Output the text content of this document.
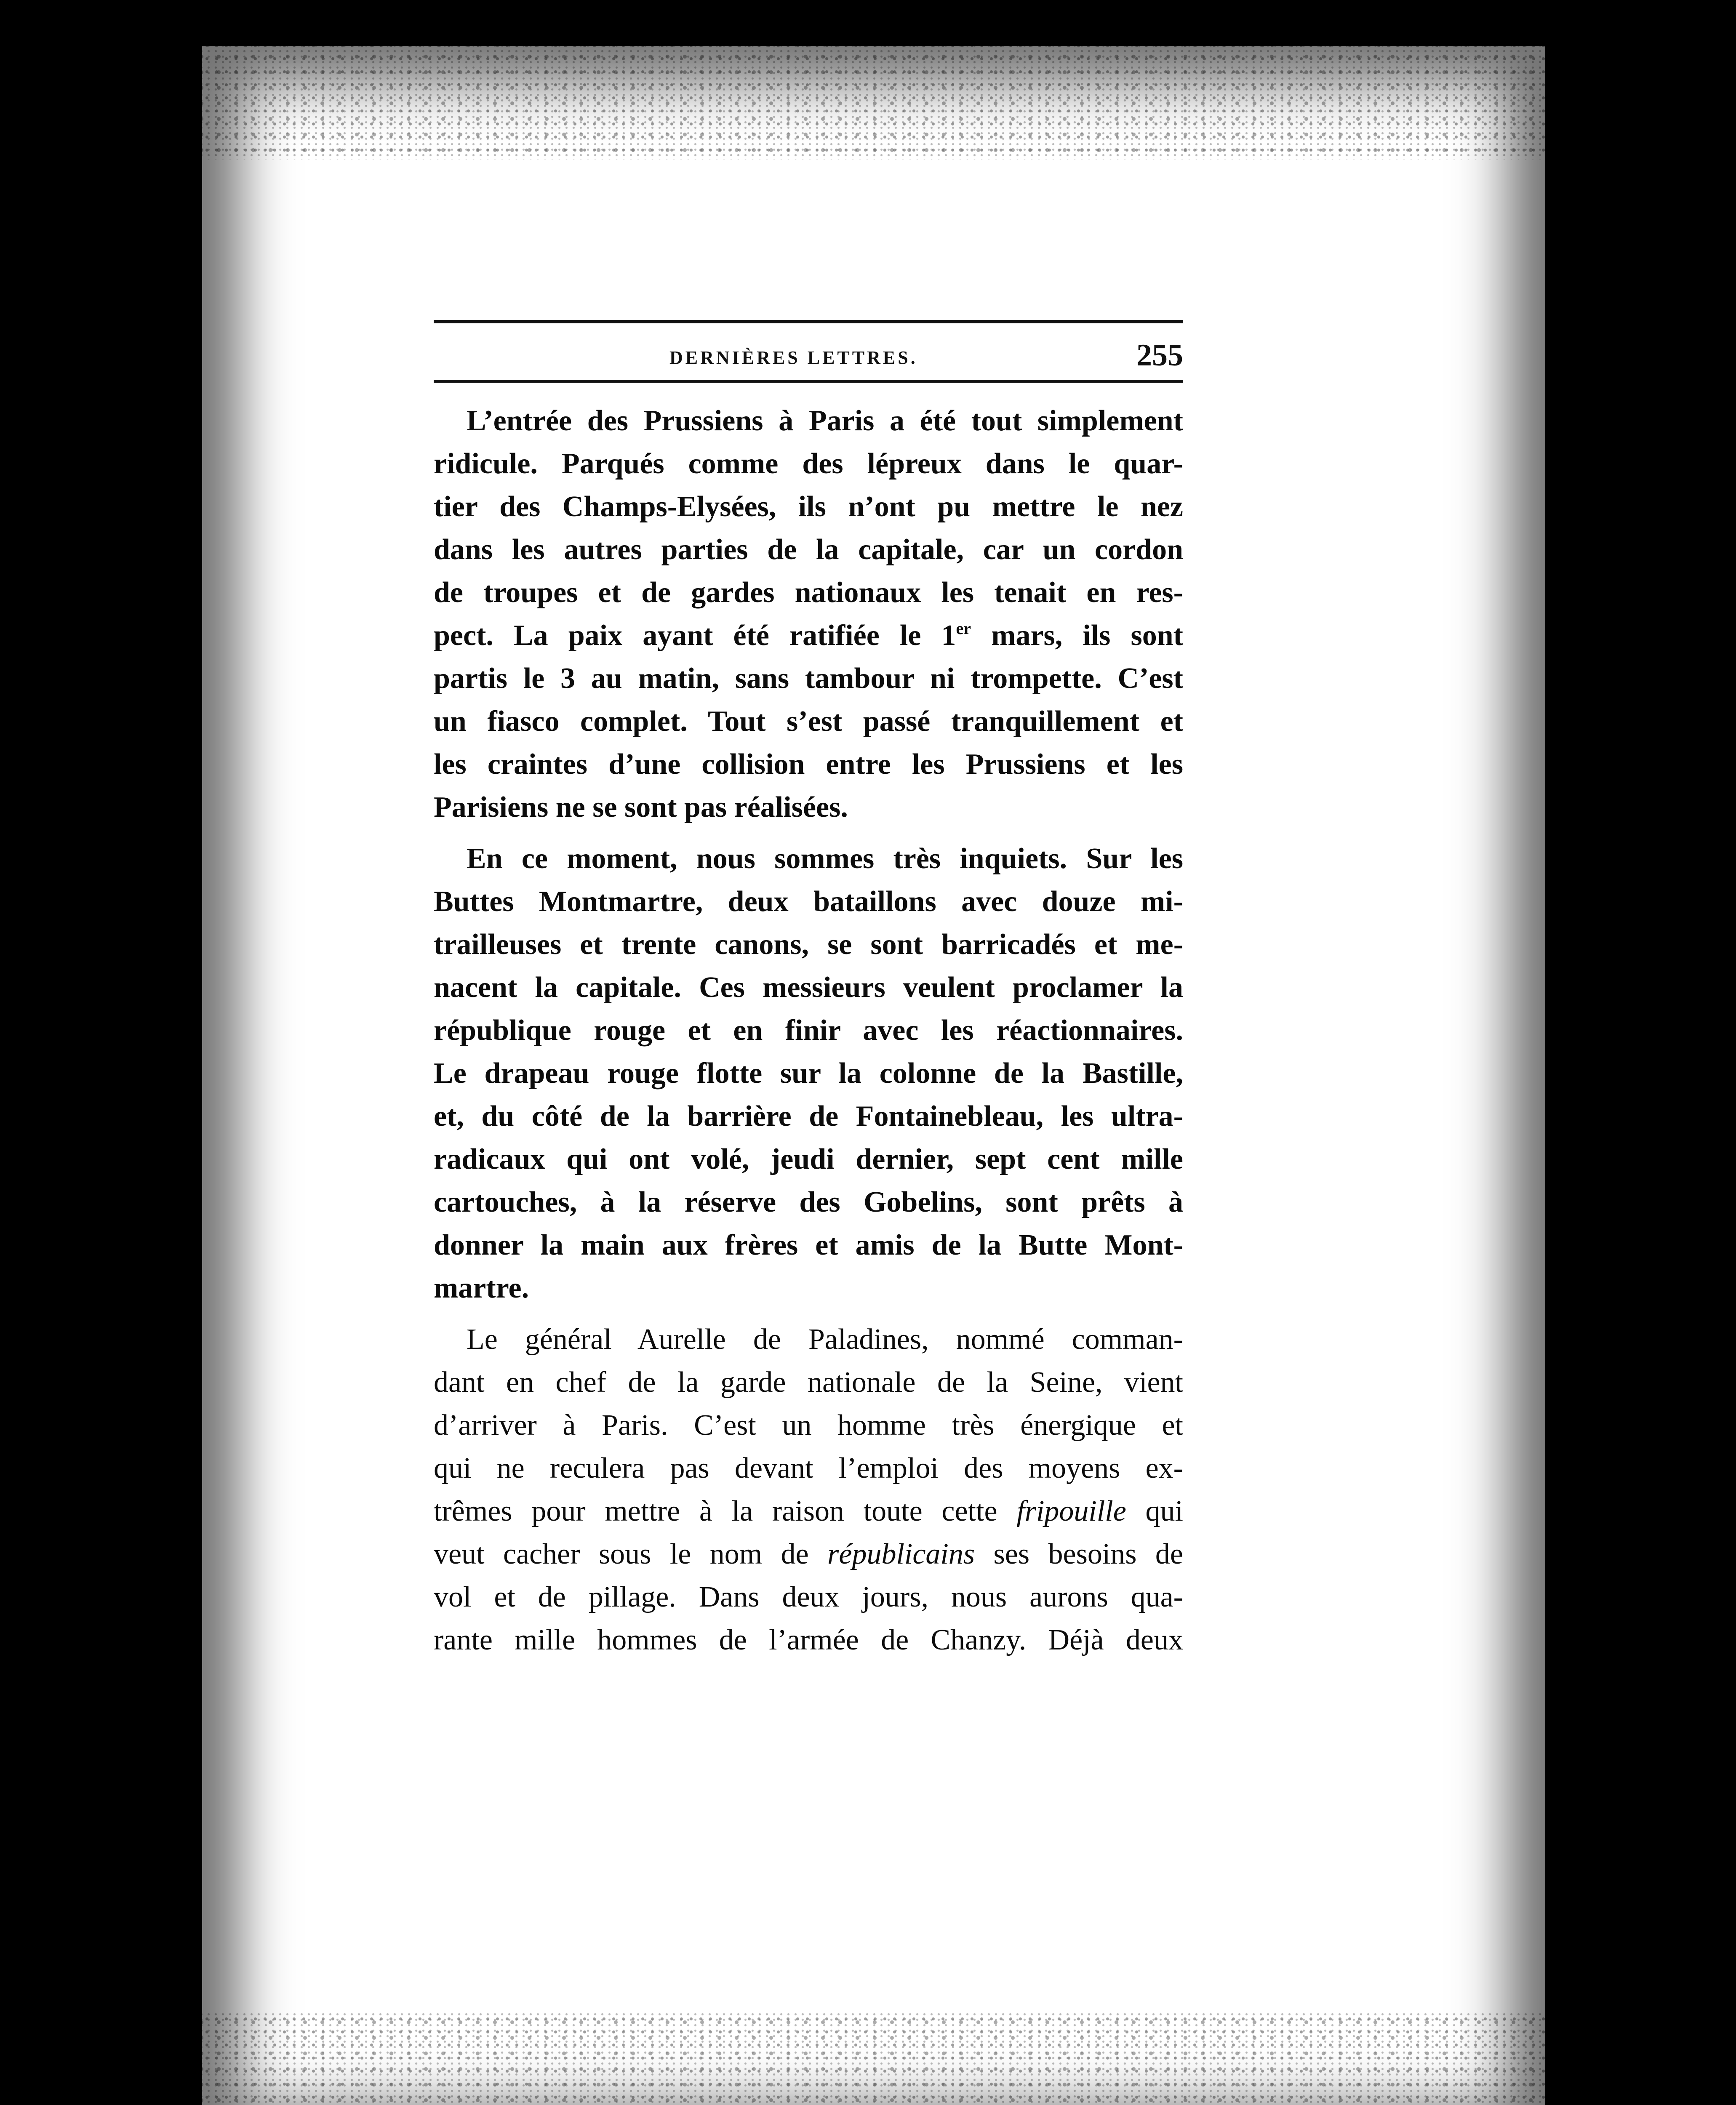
DERNIÈRES LETTRES.	255

L’entrée des Prussiens à Paris a été tout simplement
ridicule. Parqués comme des lépreux dans le quar-
tier des Champs-Elysées, ils n’ont pu mettre le nez
dans les autres parties de la capitale, car un cordon
de troupes et de gardes nationaux les tenait en res-
pect. La paix ayant été ratifiée le 1er mars, ils sont
partis le 3 au matin, sans tambour ni trompette. C’est
un fiasco complet. Tout s’est passé tranquillement et
les craintes d’une collision entre les Prussiens et les
Parisiens ne se sont pas réalisées.

En ce moment, nous sommes très inquiets. Sur les
Buttes Montmartre, deux bataillons avec douze mi-
trailleuses et trente canons, se sont barricadés et me-
nacent la capitale. Ces messieurs veulent proclamer la
république rouge et en finir avec les réactionnaires.
Le drapeau rouge flotte sur la colonne de la Bastille,
et, du côté de la barrière de Fontainebleau, les ultra-
radicaux qui ont volé, jeudi dernier, sept cent mille
cartouches, à la réserve des Gobelins, sont prêts à
donner la main aux frères et amis de la Butte Mont-
martre.

Le général Aurelle de Paladines, nommé comman-
dant en chef de la garde nationale de la Seine, vient
d’arriver à Paris. C’est un homme très énergique et
qui ne reculera pas devant l’emploi des moyens ex-
trêmes pour mettre à la raison toute cette fripouille qui
veut cacher sous le nom de républicains ses besoins de
vol et de pillage. Dans deux jours, nous aurons qua-
rante mille hommes de l’armée de Chanzy. Déjà deux
